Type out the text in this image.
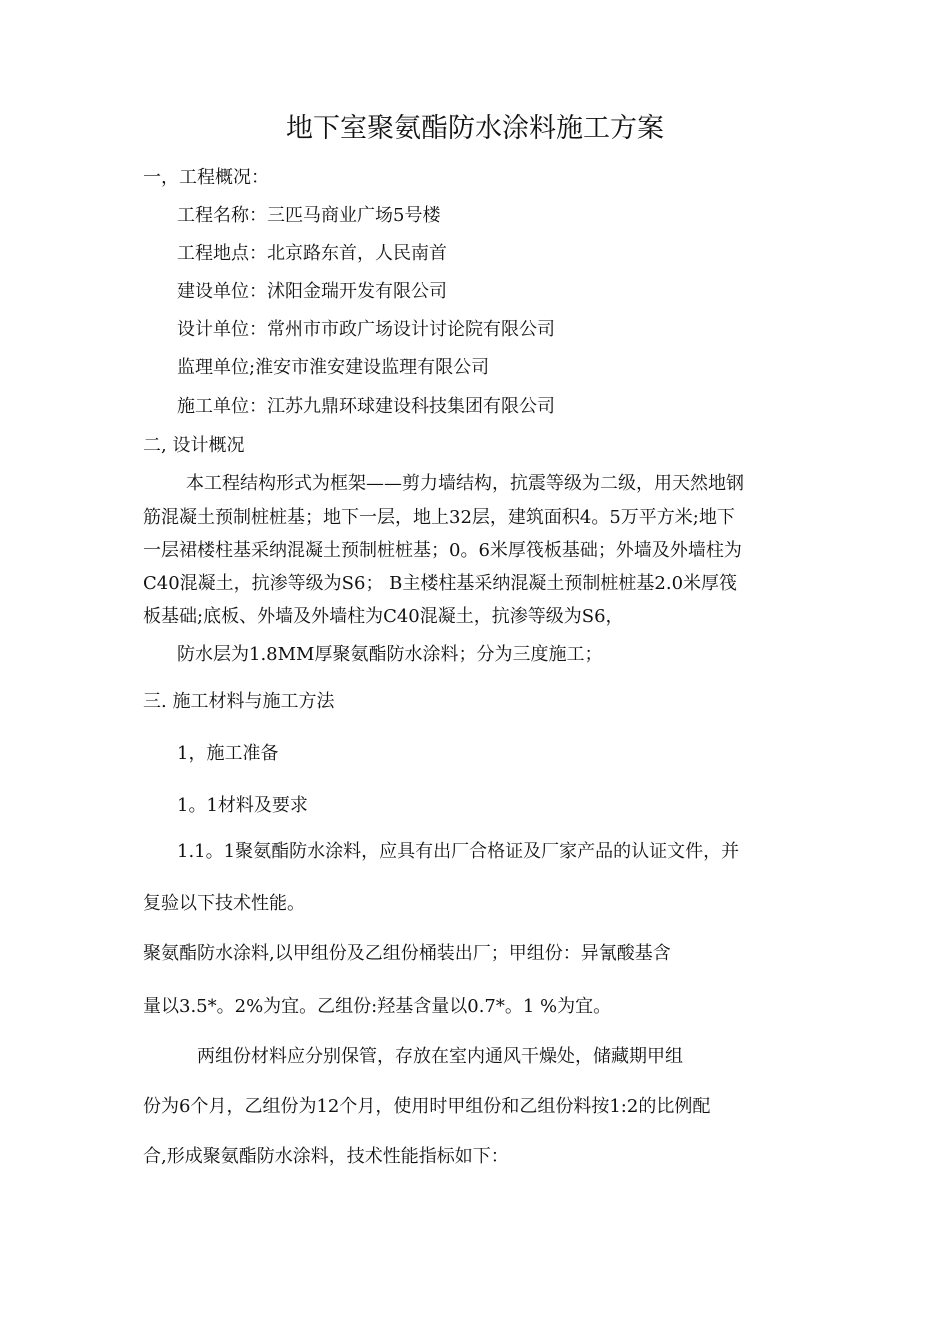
地下室聚氨酯防水涂料施工方案
一，工程概况：
工程名称：三匹马商业广场5号楼
工程地点：北京路东首，人民南首
建设单位：沭阳金瑞开发有限公司
设计单位：常州市市政广场设计讨论院有限公司
监理单位;淮安市淮安建设监理有限公司
施工单位：江苏九鼎环球建设科技集团有限公司
二, 设计概况
本工程结构形式为框架——剪力墙结构，抗震等级为二级，用天然地钢
筋混凝土预制桩桩基；地下一层，地上32层，建筑面积4。5万平方米;地下
一层裙楼柱基采纳混凝土预制桩桩基；0。6米厚筏板基础；外墙及外墙柱为
C40混凝土，抗渗等级为S6； B主楼柱基采纳混凝土预制桩桩基2.0米厚筏
板基础;底板、外墙及外墙柱为C40混凝土，抗渗等级为S6，
防水层为1.8MM厚聚氨酯防水涂料；分为三度施工；
三. 施工材料与施工方法
1，施工准备
1。1材料及要求
1.1。1聚氨酯防水涂料，应具有出厂合格证及厂家产品的认证文件，并
复验以下技术性能。
聚氨酯防水涂料,以甲组份及乙组份桶装出厂；甲组份：异氰酸基含
量以3.5*。2%为宜。乙组份:羟基含量以0.7*。1 %为宜。
两组份材料应分别保管，存放在室内通风干燥处，储藏期甲组
份为6个月，乙组份为12个月，使用时甲组份和乙组份料按1:2的比例配
合,形成聚氨酯防水涂料，技术性能指标如下：
